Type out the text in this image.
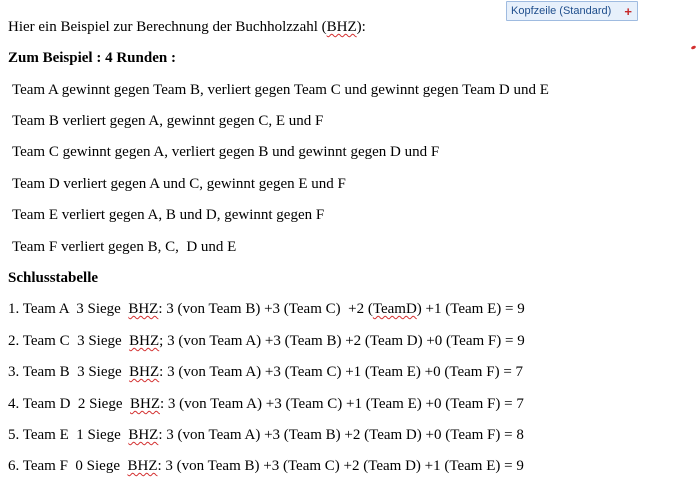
Kopfzeile (Standard) +
Hier ein Beispiel zur Berechnung der Buchholzzahl (BHZ):
Zum Beispiel : 4 Runden :
Team A gewinnt gegen Team B, verliert gegen Team C und gewinnt gegen Team D und E
Team B verliert gegen A, gewinnt gegen C, E und F
Team C gewinnt gegen A, verliert gegen B und gewinnt gegen D und F
Team D verliert gegen A und C, gewinnt gegen E und F
Team E verliert gegen A, B und D, gewinnt gegen F
Team F verliert gegen B, C,  D und E
Schlusstabelle
1. Team A  3 Siege  BHZ: 3 (von Team B) +3 (Team C)  +2 (TeamD) +1 (Team E) = 9
2. Team C  3 Siege  BHZ; 3 (von Team A) +3 (Team B) +2 (Team D) +0 (Team F) = 9
3. Team B  3 Siege  BHZ: 3 (von Team A) +3 (Team C) +1 (Team E) +0 (Team F) = 7
4. Team D  2 Siege  BHZ: 3 (von Team A) +3 (Team C) +1 (Team E) +0 (Team F) = 7
5. Team E  1 Siege  BHZ: 3 (von Team A) +3 (Team B) +2 (Team D) +0 (Team F) = 8
6. Team F  0 Siege  BHZ: 3 (von Team B) +3 (Team C) +2 (Team D) +1 (Team E) = 9
